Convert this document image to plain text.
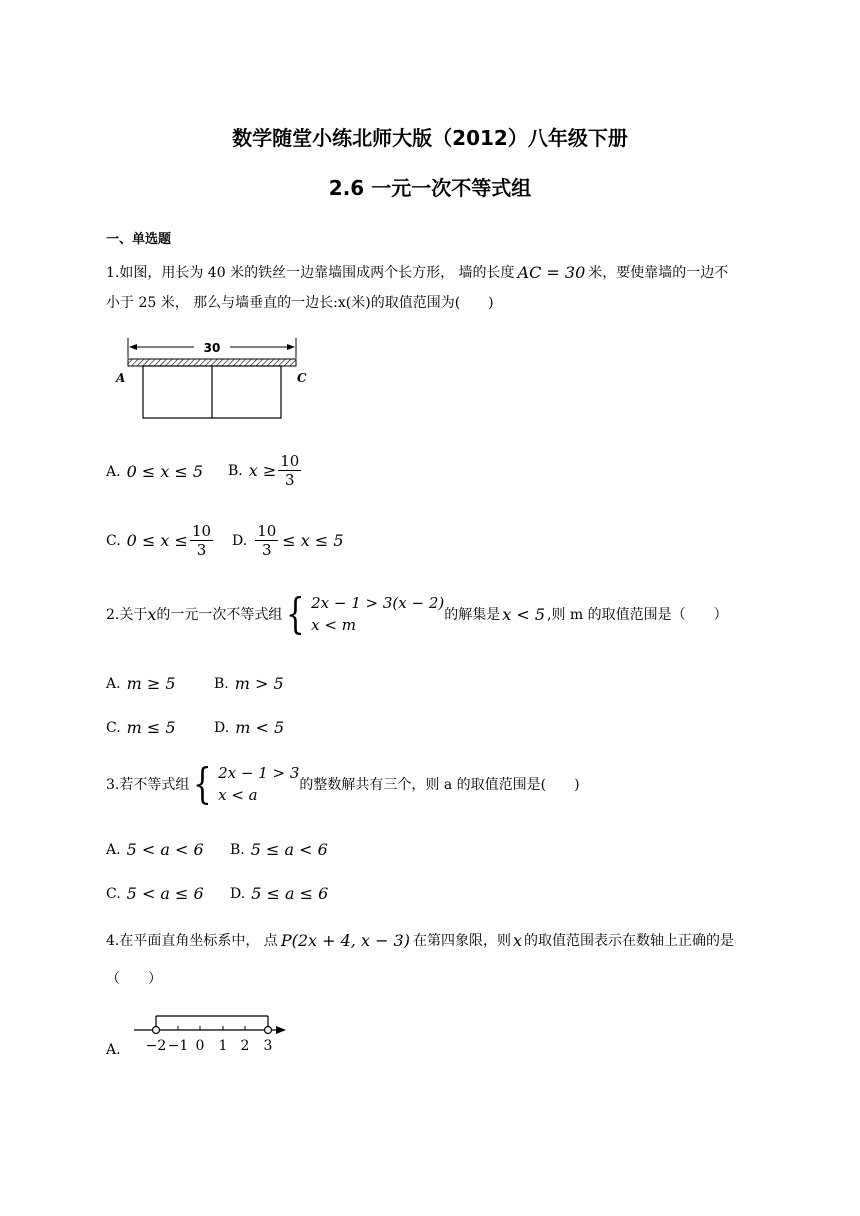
数学随堂小练北师大版（2012）八年级下册
2.6 一元一次不等式组
一、单选题
1.如图，用长为 40 米的铁丝一边靠墙围成两个长方形， 墙的长度 AC = 30 米，要使靠墙的一边不
小于 25 米， 那么与墙垂直的一边长:x(米)的取值范围为(　　)
30
A	C
A. 0 ≤ x ≤ 5 B. $x \ge \frac{10}{3}$
C. $0 \le x \le \frac{10}{3} D$. $\frac{10}{3} \le x \le 5$
2.关于 x 的一元一次不等式组 { 2x − 1 > 3(x − 2)
x < m
的解集是 x < 5 ,则 m 的取值范围是（　　）
A. m ≥ 5	B. m > 5
C. m ≤ 5	D. m < 5
3.若不等式组 { 2x − 1 > 3
x < a
的整数解共有三个，则 a 的取值范围是(　　)
A. 5 < a < 6 B. 5 ≤ a < 6
C. 5 < a ≤ 6 D. 5 ≤ a ≤ 6
4.在平面直角坐标系中， 点 P(2x + 4, x − 3) 在第四象限，则 x 的取值范围表示在数轴上正确的是
（　　）
A. −2 −1 0 1 2 3
